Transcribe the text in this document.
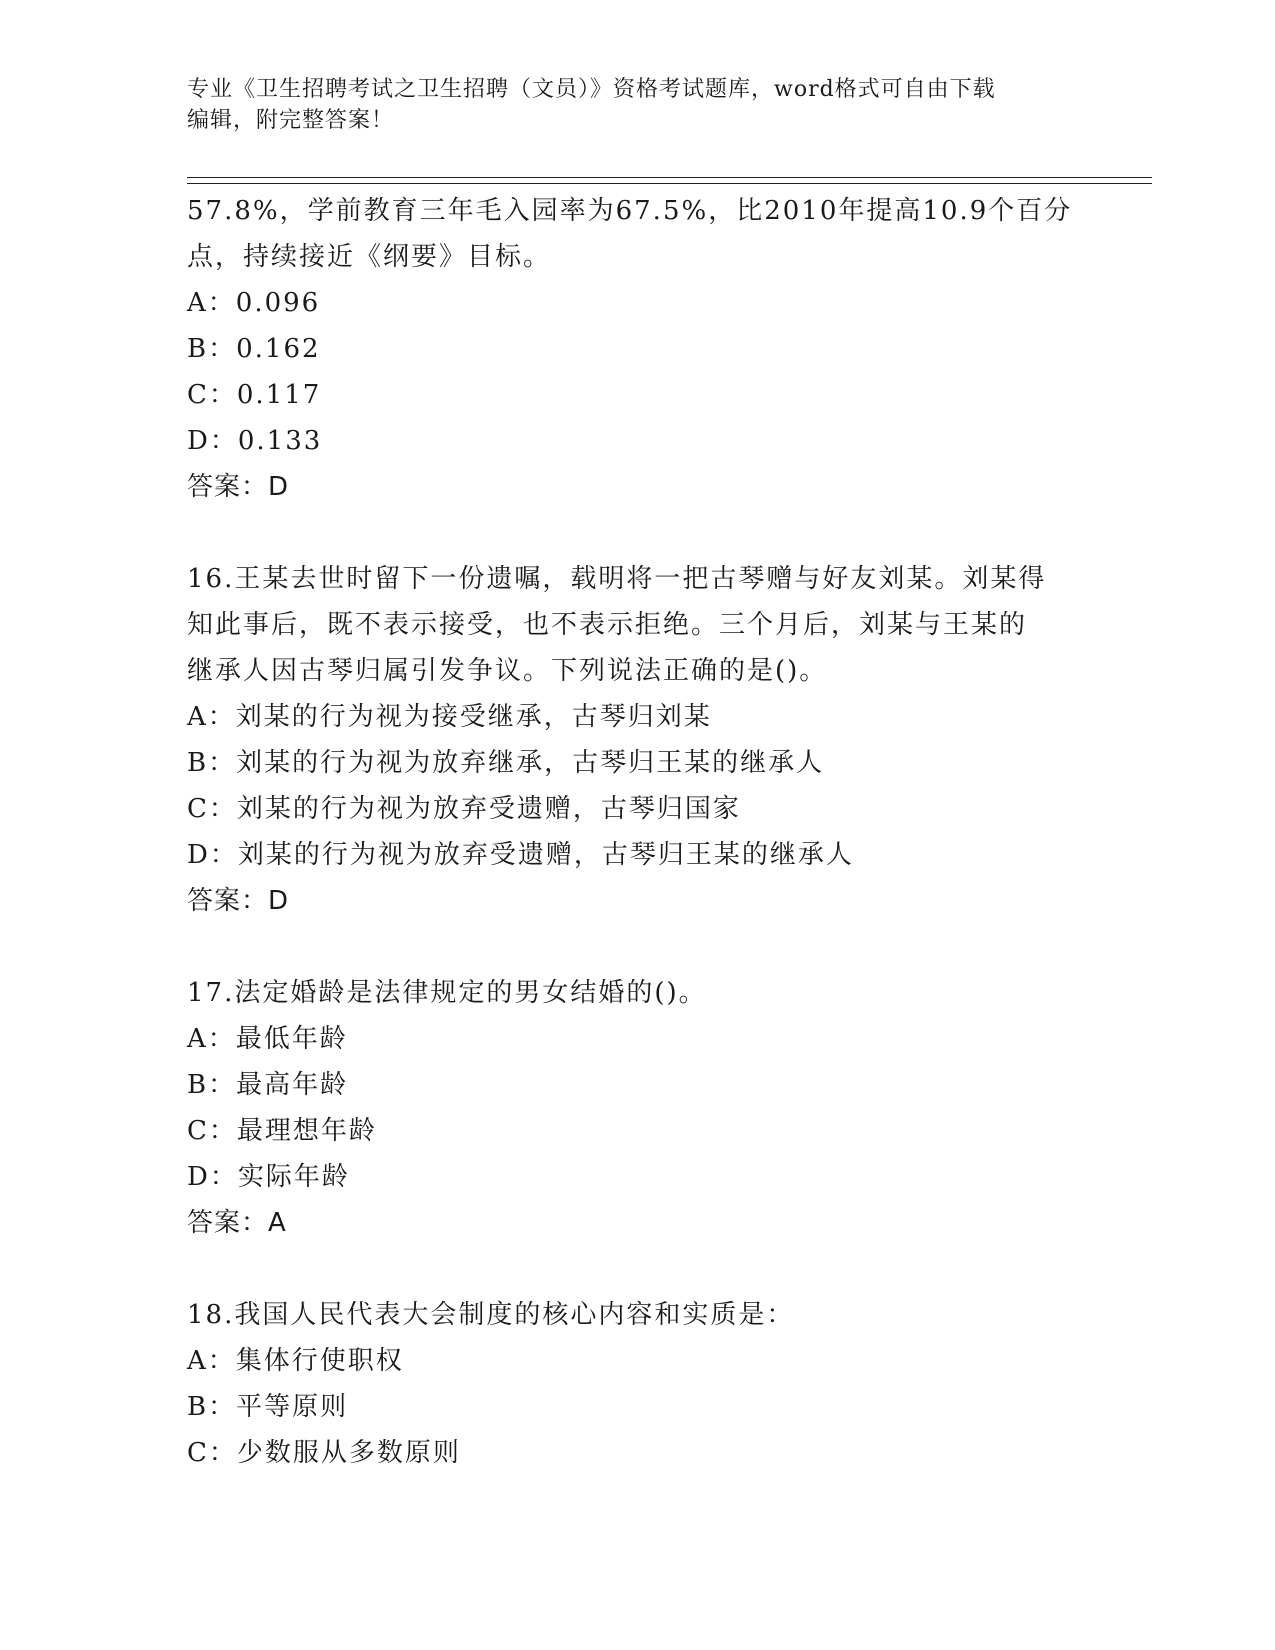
专业《卫生招聘考试之卫生招聘（文员）》资格考试题库，word格式可自由下载
编辑，附完整答案！
57.8%，学前教育三年毛入园率为67.5%，比2010年提高10.9个百分
点，持续接近《纲要》目标。
A：0.096
B：0.162
C：0.117
D：0.133
答案：D
16.王某去世时留下一份遗嘱，载明将一把古琴赠与好友刘某。刘某得
知此事后，既不表示接受，也不表示拒绝。三个月后，刘某与王某的
继承人因古琴归属引发争议。下列说法正确的是()。
A：刘某的行为视为接受继承，古琴归刘某
B：刘某的行为视为放弃继承，古琴归王某的继承人
C：刘某的行为视为放弃受遗赠，古琴归国家
D：刘某的行为视为放弃受遗赠，古琴归王某的继承人
答案：D
17.法定婚龄是法律规定的男女结婚的()。
A：最低年龄
B：最高年龄
C：最理想年龄
D：实际年龄
答案：A
18.我国人民代表大会制度的核心内容和实质是：
A：集体行使职权
B：平等原则
C：少数服从多数原则
